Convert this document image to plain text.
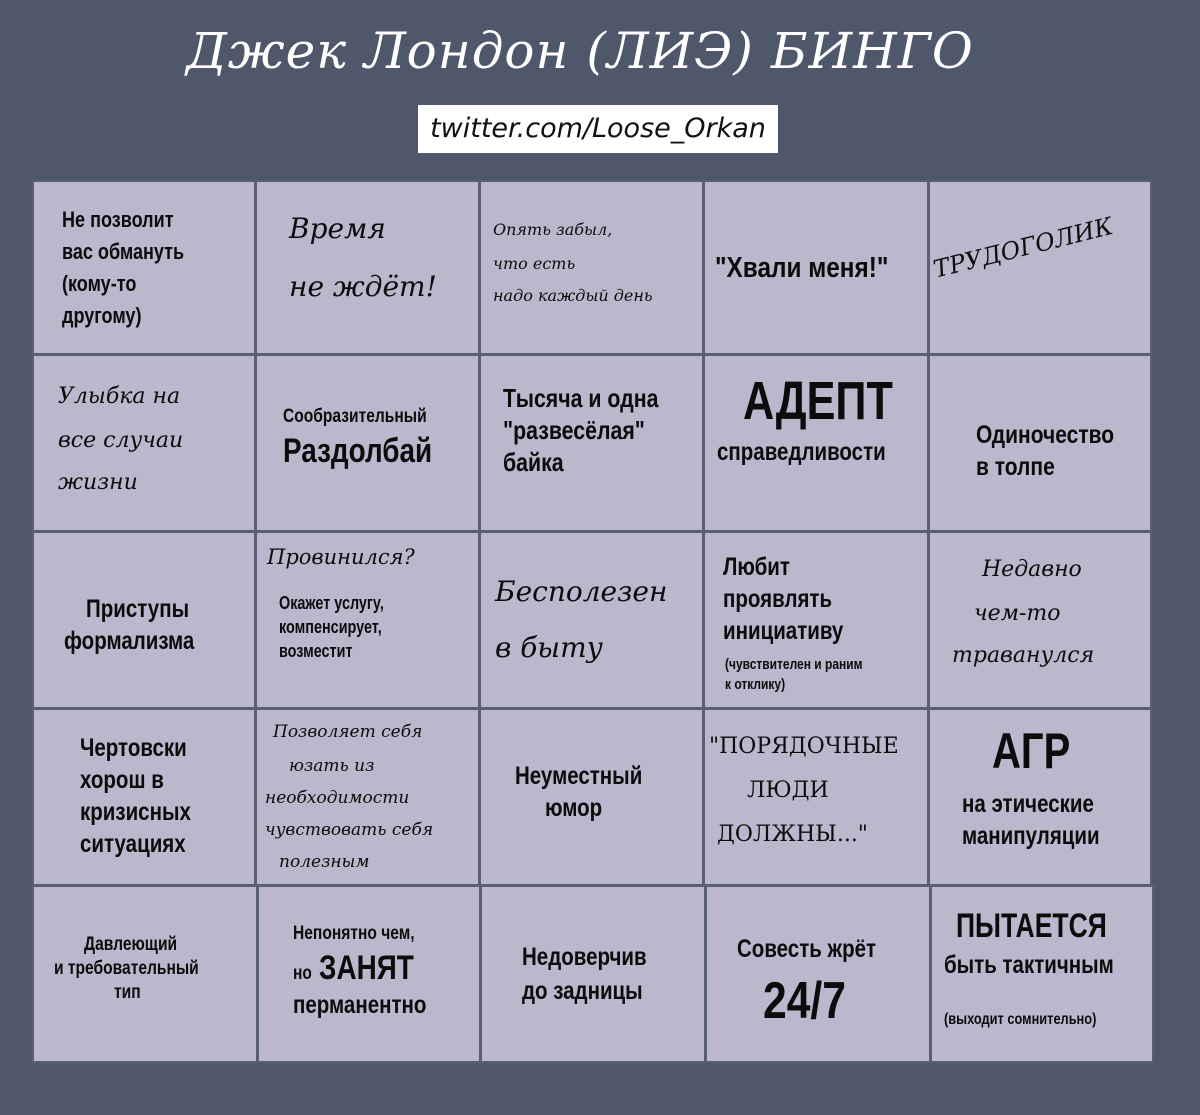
Джек Лондон (ЛИЭ) БИНГО
twitter.com/Loose_Orkan

Не позволит

вас обмануть

(кому-то

другому)

Время

не ждёт!

Опять забыл,

что есть

надо каждый день

"Хвали меня!" ТРУДОГОЛИК

Улыбка на

все случаи

жизни

Сообразительный

Раздолбай

Тысяча и одна

"развесёлая"

байка

АДЕПТ

справедливости

Одиночество

в толпе

Приступы

формализма

Провинился?

Окажет услугу,

компенсирует,

возместит

Бесполезен

в быту

Любит

проявлять

инициативу

(чувствителен и раним

к отклику)

Недавно

чем-то

траванулся

Чертовски

хорош в

кризисных

ситуациях

Позволяет себя

юзать из

необходимости

чувствовать себя

полезным

Неуместный

юмор

"ПОРЯДОЧНЫЕ

ЛЮДИ

ДОЛЖНЫ..."

АГР

на этические

манипуляции

Давлеющий

и требовательный

тип

Непонятно чем,

но ЗАНЯТ

перманентно

Недоверчив

до задницы

Совесть жрёт

24/7

ПЫТАЕТСЯ

быть тактичным

(выходит сомнительно)
